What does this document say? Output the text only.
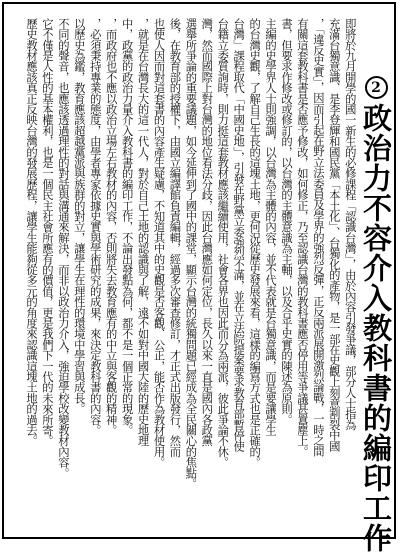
2
政治力不容介入教科書的編印工作
即將於九月開學的國一新生的必修課程「認識台灣」，由於內容引發爭議，部分人士指為
充滿台獨意識、是李登輝和國民黨「本土化」、台獨化的產物，是一部在史觀上刻意割裂中國
，「違反史實」，因而引起在野立法委員及學界的強烈反彈，正反兩派展開激烈論戰，一時之間
有關這套教科書是否應予修改，如何修正，乃至認識台灣的教科書應否停用等爭議甚囂塵上。
書，但要求作修改或修訂的，以台灣的主體意識為主軸，以及合乎史實的陳述為原則。
主編的史學界人士則強調，以台灣為主體的內容，並不代表就是台獨意識，而是要讓學生
的台灣史觀，了解自己生長的這塊土地，更何況從歷史發展來看，這樣的編寫方式也是正確的。
台灣」課程取代「中國史地」，引發在野黨立委強烈不滿，並在立法院提案要求教育部暫停使
台籍立委質詢時，則力挺這套教材應該繼續使用，社會各界也因此而分為兩派，彼此爭論不休。
灣，然而國際上對台灣的地位看法分歧，因此台灣應如何定位，長久以來一直是國內各政黨
選舉所爭論的重要議題，如今延伸到了國中的課堂，顯示台灣的統獨問題已經成為全民關心的焦點。
後，在教育部的授權下，由國立編譯館負責編輯，經過多次審查修訂，才正式出版發行，然而
也使人因而對這套書的內容產生疑慮，不知道其中的史觀是否客觀、公正，能否作為教材使用。
，就是在台灣長大的這一代人，對於自己土地的認識與了解，遠不如對中國大陸的歷史地理
中，政黨的政治力量介入教科書的編印工作，不論出發點為何，都不是一個正常的現象。
，而政府也不應以政治立場左右教材的內容，否則將失去教育應有的中立與客觀的精神。
，必須秉持專業的態度，由學者專家依據史實與學術研究的成果，來決定教科書的內容。
以歷史為鑑，教育應該超越黨派與族群的對立，讓學生在理性的環境中學習與成長。
不同的聲音，也應該透過理性的對話與溝通來解決，而非以政治力介入，強迫學校改變教材內容。
它不僅是人性的基本權利，也是一個民主社會所應有的價值，更是我們下一代的未來所寄。
歷史教材應該真正反映台灣的發展歷程，讓學生能夠從多元的角度來認識這塊土地的過去。
